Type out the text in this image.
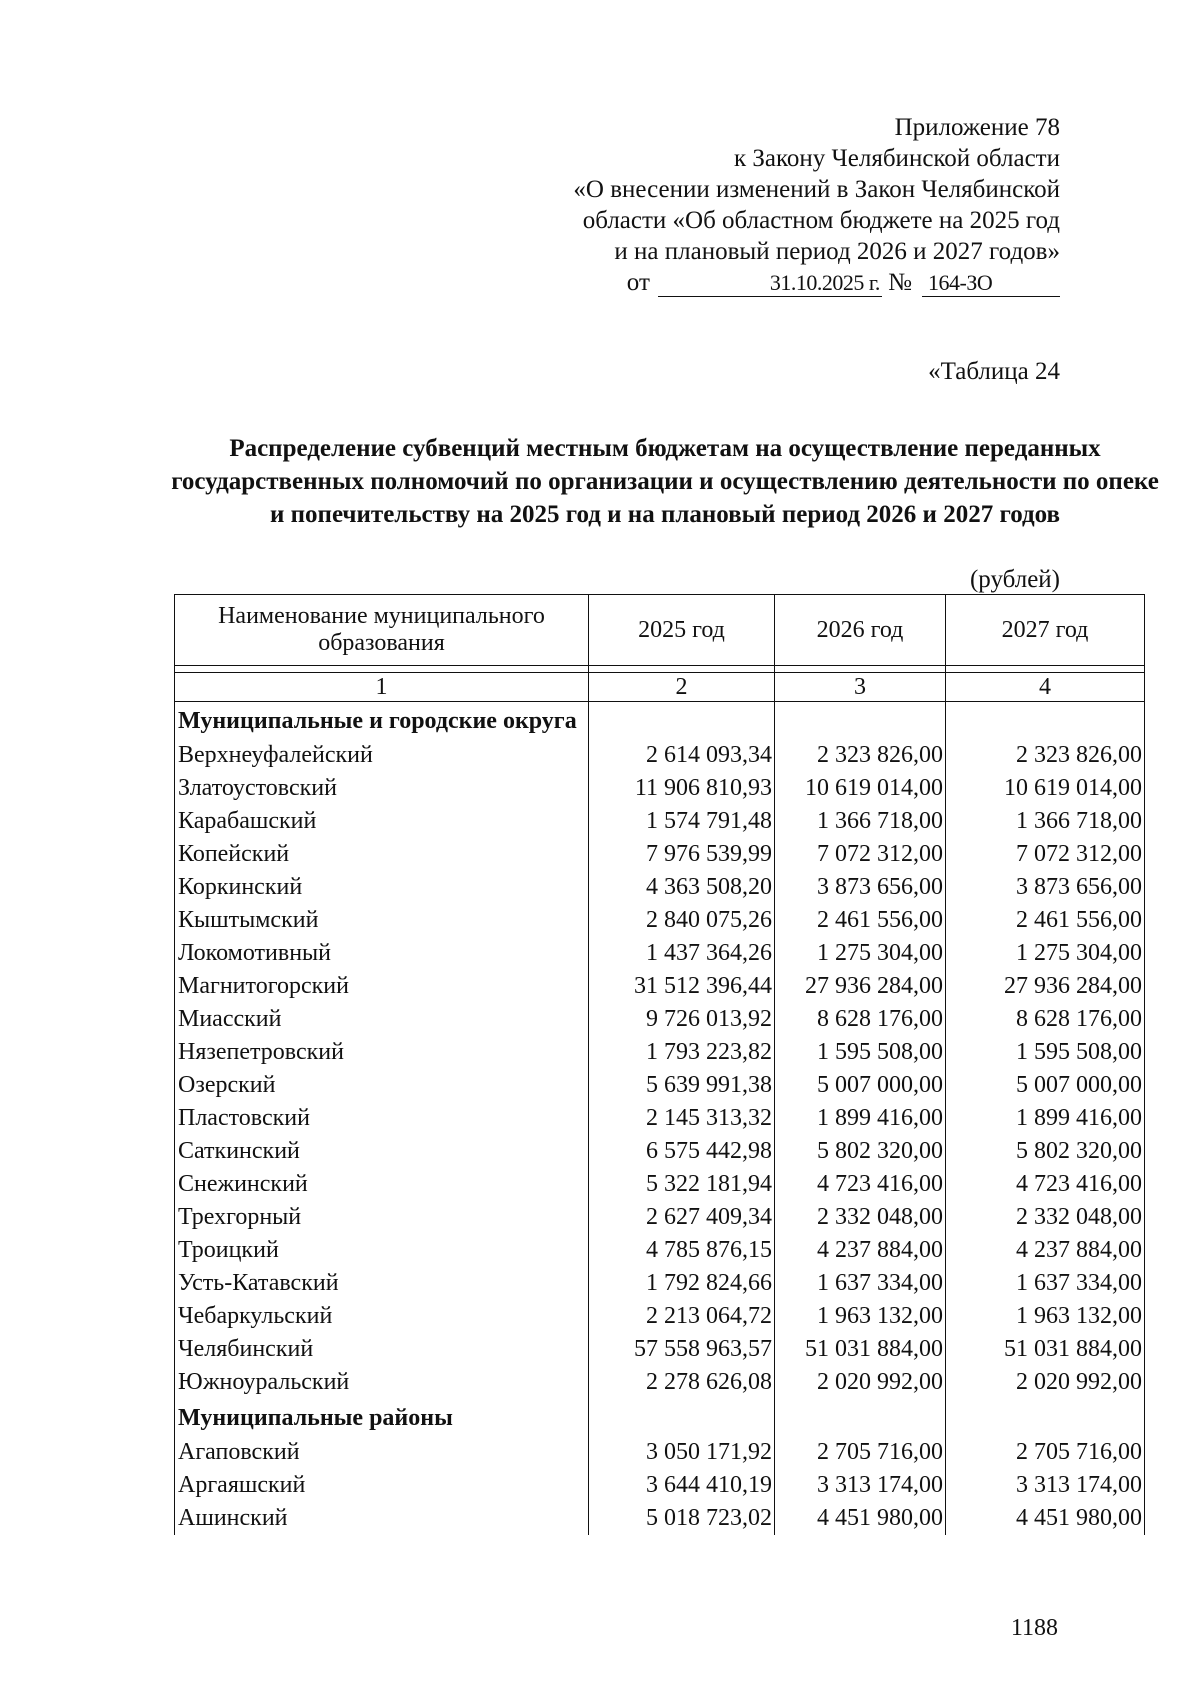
Приложение 78
к Закону Челябинской области
«О внесении изменений в Закон Челябинской
области «Об областном бюджете на 2025 год
и на плановый период 2026 и 2027 годов»
от	31.10.2025 г. № 164-ЗО
«Таблица 24
Распределение субвенций местным бюджетам на осуществление переданных государственных полномочий по организации и осуществлению деятельности по опеке и попечительству на 2025 год и на плановый период 2026 и 2027 годов
(рублей)
Наименование муниципального образования	2025 год	2026 год	2027 год

1	2	3	4
Муниципальные и городские округа			
Верхнеуфалейский	2 614 093,34	2 323 826,00	2 323 826,00
Златоустовский	11 906 810,93	10 619 014,00	10 619 014,00
Карабашский	1 574 791,48	1 366 718,00	1 366 718,00
Копейский	7 976 539,99	7 072 312,00	7 072 312,00
Коркинский	4 363 508,20	3 873 656,00	3 873 656,00
Кыштымский	2 840 075,26	2 461 556,00	2 461 556,00
Локомотивный	1 437 364,26	1 275 304,00	1 275 304,00
Магнитогорский	31 512 396,44	27 936 284,00	27 936 284,00
Миасский	9 726 013,92	8 628 176,00	8 628 176,00
Нязепетровский	1 793 223,82	1 595 508,00	1 595 508,00
Озерский	5 639 991,38	5 007 000,00	5 007 000,00
Пластовский	2 145 313,32	1 899 416,00	1 899 416,00
Саткинский	6 575 442,98	5 802 320,00	5 802 320,00
Снежинский	5 322 181,94	4 723 416,00	4 723 416,00
Трехгорный	2 627 409,34	2 332 048,00	2 332 048,00
Троицкий	4 785 876,15	4 237 884,00	4 237 884,00
Усть-Катавский	1 792 824,66	1 637 334,00	1 637 334,00
Чебаркульский	2 213 064,72	1 963 132,00	1 963 132,00
Челябинский	57 558 963,57	51 031 884,00	51 031 884,00
Южноуральский	2 278 626,08	2 020 992,00	2 020 992,00
Муниципальные районы			
Агаповский	3 050 171,92	2 705 716,00	2 705 716,00
Аргаяшский	3 644 410,19	3 313 174,00	3 313 174,00
Ашинский	5 018 723,02	4 451 980,00	4 451 980,00
1188
